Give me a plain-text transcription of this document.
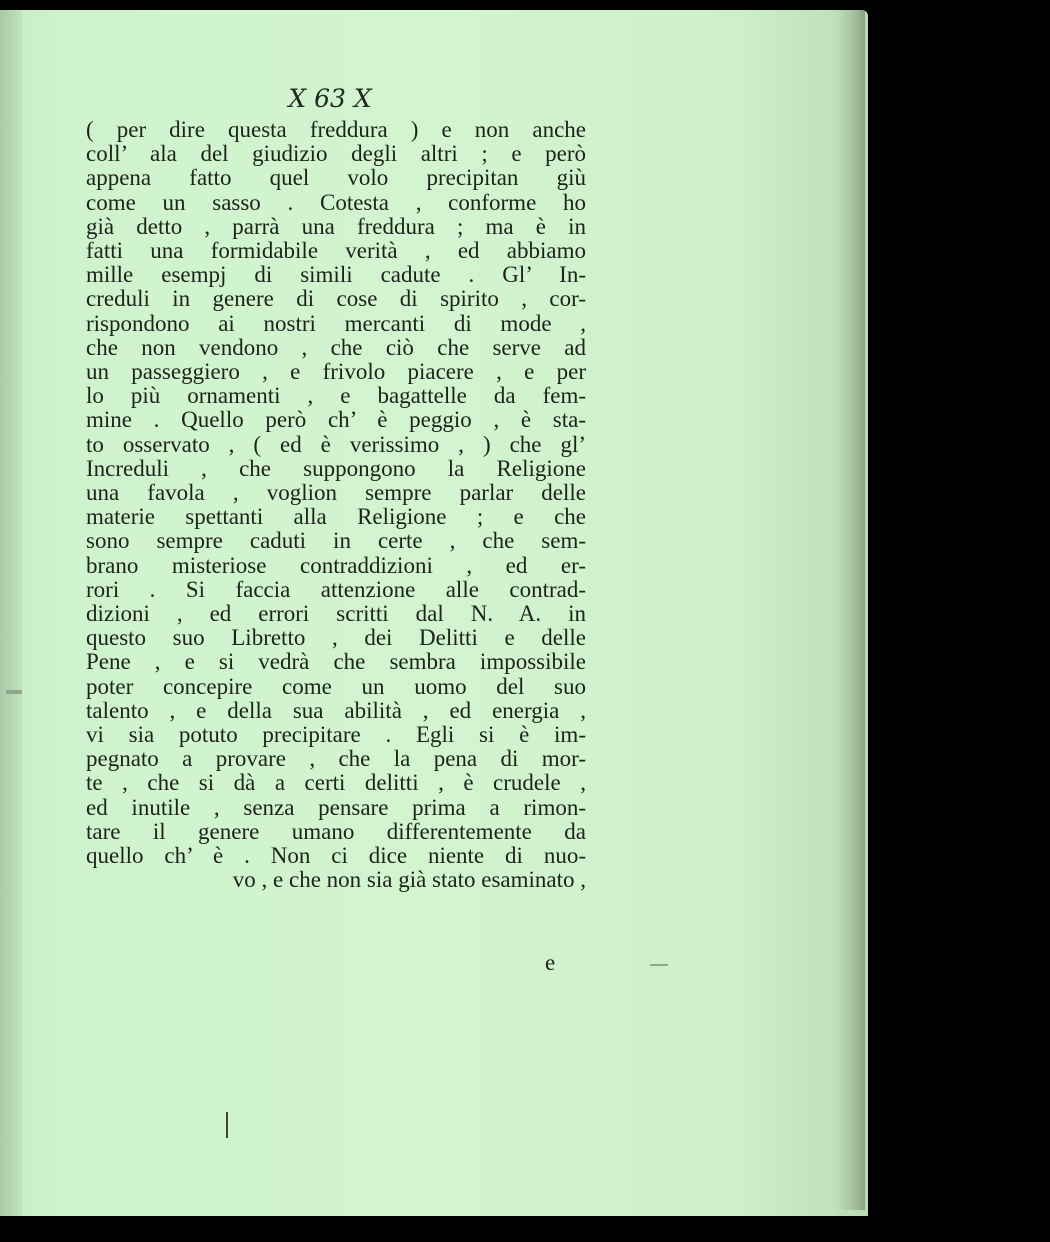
X 63 X
( per dire questa freddura ) e non anche
coll’ ala del giudizio degli altri ; e però
appena fatto quel volo precipitan giù
come un sasso . Cotesta , conforme ho
già detto , parrà una freddura ; ma è in
fatti una formidabile verità , ed abbiamo
mille esempj di simili cadute . Gl’ In-
creduli in genere di cose di spirito , cor-
rispondono ai nostri mercanti di mode ,
che non vendono , che ciò che serve ad
un passeggiero , e frivolo piacere , e per
lo più ornamenti , e bagattelle da fem-
mine . Quello però ch’ è peggio , è sta-
to osservato , ( ed è verissimo , ) che gl’
Increduli , che suppongono la Religione
una favola , voglion sempre parlar delle
materie spettanti alla Religione ; e che
sono sempre caduti in certe , che sem-
brano misteriose contraddizioni , ed er-
rori . Si faccia attenzione alle contrad-
dizioni , ed errori scritti dal N. A. in
questo suo Libretto , dei Delitti e delle
Pene , e si vedrà che sembra impossibile
poter concepire come un uomo del suo
talento , e della sua abilità , ed energia ,
vi sia potuto precipitare . Egli si è im-
pegnato a provare , che la pena di mor-
te , che si dà a certi delitti , è crudele ,
ed inutile , senza pensare prima a rimon-
tare il genere umano differentemente da
quello ch’ è . Non ci dice niente di nuo-
vo , e che non sia già stato esaminato ,
e
